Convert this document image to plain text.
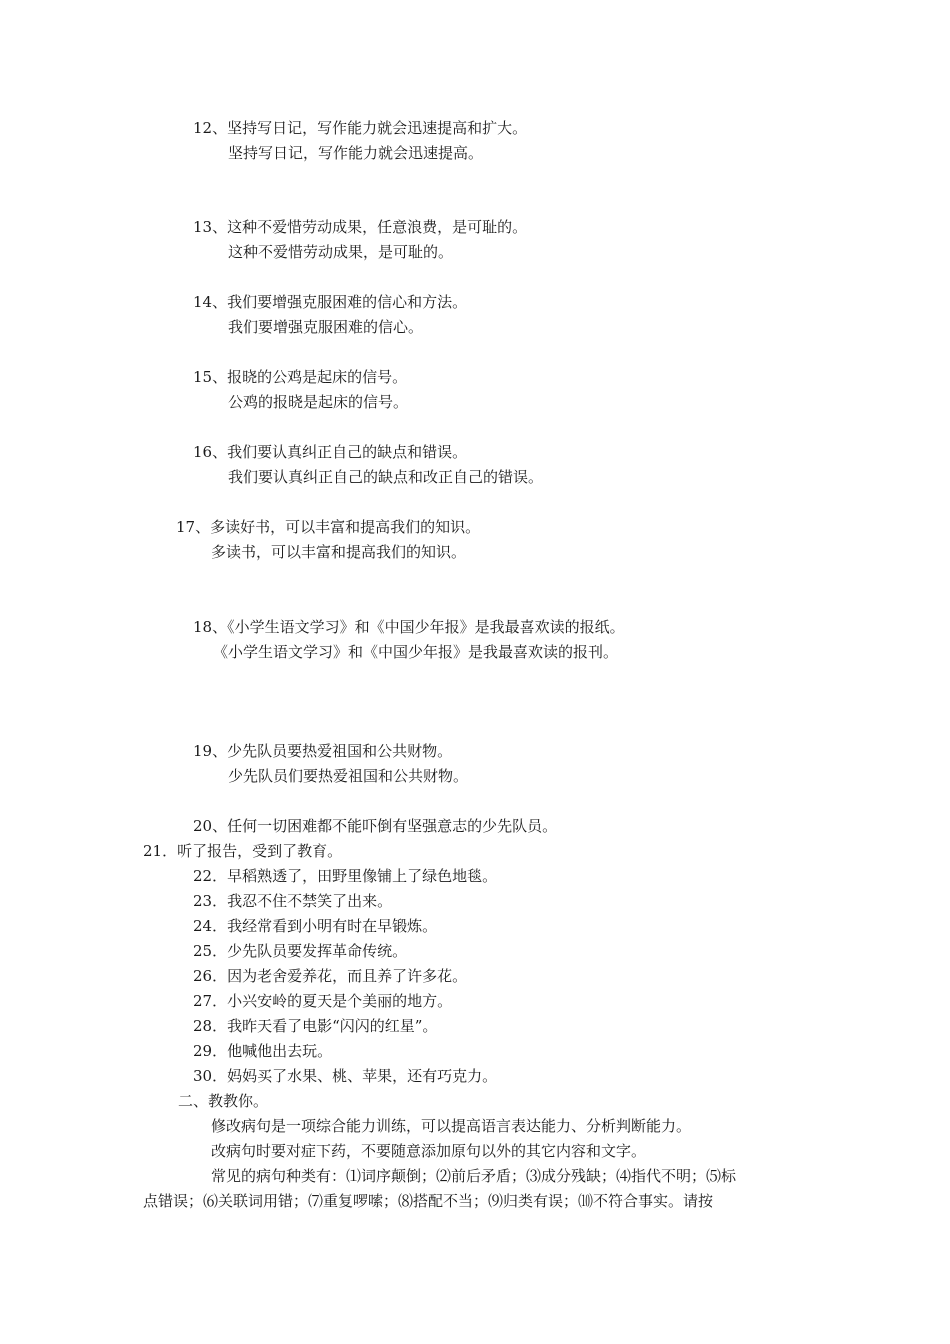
12、坚持写日记，写作能力就会迅速提高和扩大。
坚持写日记，写作能力就会迅速提高。
13、这种不爱惜劳动成果，任意浪费，是可耻的。
这种不爱惜劳动成果，是可耻的。
14、我们要增强克服困难的信心和方法。
我们要增强克服困难的信心。
15、报晓的公鸡是起床的信号。
公鸡的报晓是起床的信号。
16、我们要认真纠正自己的缺点和错误。
我们要认真纠正自己的缺点和改正自己的错误。
17、多读好书，可以丰富和提高我们的知识。
多读书，可以丰富和提高我们的知识。
18、《小学生语文学习》和《中国少年报》是我最喜欢读的报纸。
《小学生语文学习》和《中国少年报》是我最喜欢读的报刊。
19、少先队员要热爱祖国和公共财物。
少先队员们要热爱祖国和公共财物。
20、任何一切困难都不能吓倒有坚强意志的少先队员。
21．听了报告，受到了教育。
22．早稻熟透了，田野里像铺上了绿色地毯。
23．我忍不住不禁笑了出来。
24．我经常看到小明有时在早锻炼。
25．少先队员要发挥革命传统。
26．因为老舍爱养花，而且养了许多花。
27．小兴安岭的夏天是个美丽的地方。
28．我昨天看了电影“闪闪的红星”。
29．他喊他出去玩。
30．妈妈买了水果、桃、苹果，还有巧克力。
二、教教你。
修改病句是一项综合能力训练，可以提高语言表达能力、分析判断能力。
改病句时要对症下药，不要随意添加原句以外的其它内容和文字。
常见的病句种类有：⑴词序颠倒；⑵前后矛盾；⑶成分残缺；⑷指代不明；⑸标
点错误；⑹关联词用错；⑺重复啰嗦；⑻搭配不当；⑼归类有误；⑽不符合事实。请按
